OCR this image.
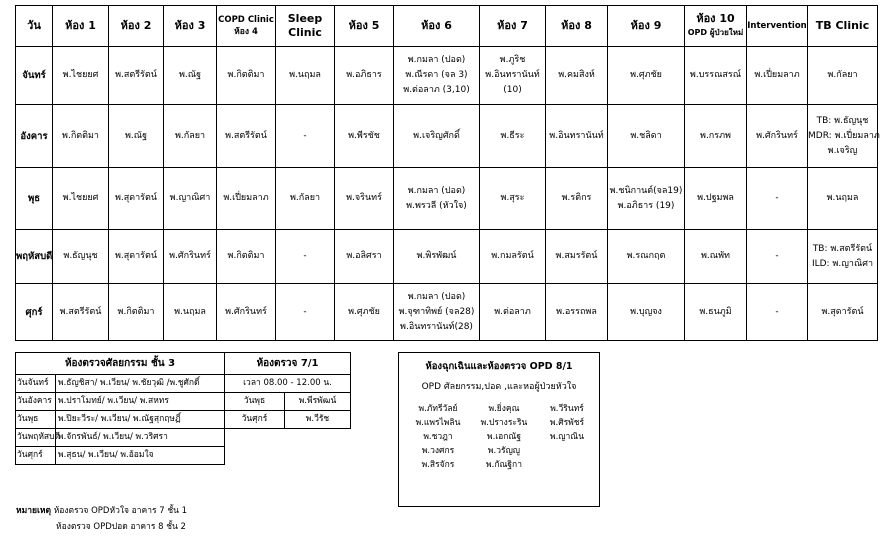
วัน	ห้อง 1	ห้อง 2	ห้อง 3	COPD Clinic
ห้อง 4	Sleep
Clinic	ห้อง 5	ห้อง 6	ห้อง 7	ห้อง 8	ห้อง 9	ห้อง 10
OPD ผู้ป่วยใหม่	Intervention	TB Clinic

จันทร์	พ.ไชยยศ	พ.สตรีรัตน์	พ.ณัฐ	พ.กิตติมา	พ.นฤมล	พ.อภิธาร	พ.กมลา (ปอด)
พ.ณีรดา (จล 3)
พ.ต่อลาภ (3,10)	พ.ภูริช
พ.อินทรานันท์
(10)	พ.คมสิงห์	พ.ศุภชัย	พ.บรรณสรณ์	พ.เปี่ยมลาภ	พ.กัลยา

อังคาร	พ.กิตติมา	พ.ณัฐ	พ.กัลยา	พ.สตรีรัตน์	-	พ.พีรชัช	พ.เจริญศักดิ์	พ.ธีระ	พ.อินทรานันท์	พ.ชลิดา	พ.กรภพ	พ.ศักรินทร์	TB: พ.ธัญนุช
MDR: พ.เปี่ยมลาภ
พ.เจริญ

พุธ	พ.ไชยยศ	พ.สุดารัตน์	พ.ญาณิศา	พ.เปี่ยมลาภ	พ.กัลยา	พ.จรินทร์	พ.กมลา (ปอด)
พ.พรวลี (หัวใจ)	พ.สุระ	พ.รติกร	พ.ชนิกานต์(จล19)
พ.อภิธาร (19)	พ.ปฐมพล	-	พ.นฤมล

พฤหัสบดี	พ.ธัญนุช	พ.สุดารัตน์	พ.ศักรินทร์	พ.กิตติมา	-	พ.อลิศรา	พ.พิรพัฒน์	พ.กมลรัตน์	พ.สมรรัตน์	พ.รณกฤต	พ.ณพัท	-	TB: พ.สตรีรัตน์
ILD: พ.ญาณิศา

ศุกร์	พ.สตรีรัตน์	พ.กิตติมา	พ.นฤมล	พ.ศักรินทร์	-	พ.ศุภชัย	พ.กมลา (ปอด)
พ.จุฑาทิพย์ (จล28)
พ.อินทรานันท์(28)	พ.ต่อลาภ	พ.อรรถพล	พ.บุญจง	พ.ธนภูมิ	-	พ.สุดารัตน์
ห้องตรวจศัลยกรรม ชั้น 3		ห้องตรวจ 7/1	
วันจันทร์	พ.ธัญชิสา/ พ.เวียน/ พ.ชัยวุฒิ /พ.ชูศักดิ์	เวลา 08.00 - 12.00 น.	
วันอังคาร	พ.ปราโมทย์/ พ.เวียน/ พ.สหทร	วันพุธ	พ.พีรพัฒน์
วันพุธ	พ.ปิยะวีระ/ พ.เวียน/ พ.ณัฐสุกฤษฏิ์	วันศุกร์	พ.วีรัช
วันพฤหัสบดี	พ.จักรพันธ์/ พ.เวียน/ พ.วริศรา		
วันศุกร์	พ.สุธน/ พ.เวียน/ พ.อ้อมใจ		
ห้องฉุกเฉินและห้องตรวจ OPD 8/1
OPD ศัลยกรรม,ปอด ,และหอผู้ป่วยหัวใจ
พ.ภัทรีวัลย์	พ.ยิ่งคุณ	พ.วีรินทร์
พ.แพรไพลิน	พ.ปรางระริน	พ.ศิรพัชร์
พ.ชวฎา	พ.เอกณัฐ	พ.ญาณิน
พ.วงศกร	พ.วรัญญู
พ.สิรจักร	พ.กัณฐิกา
หมายเหตุ ห้องตรวจ OPDหัวใจ อาคาร 7 ชั้น 1
ห้องตรวจ OPDปอด อาคาร 8 ชั้น 2
